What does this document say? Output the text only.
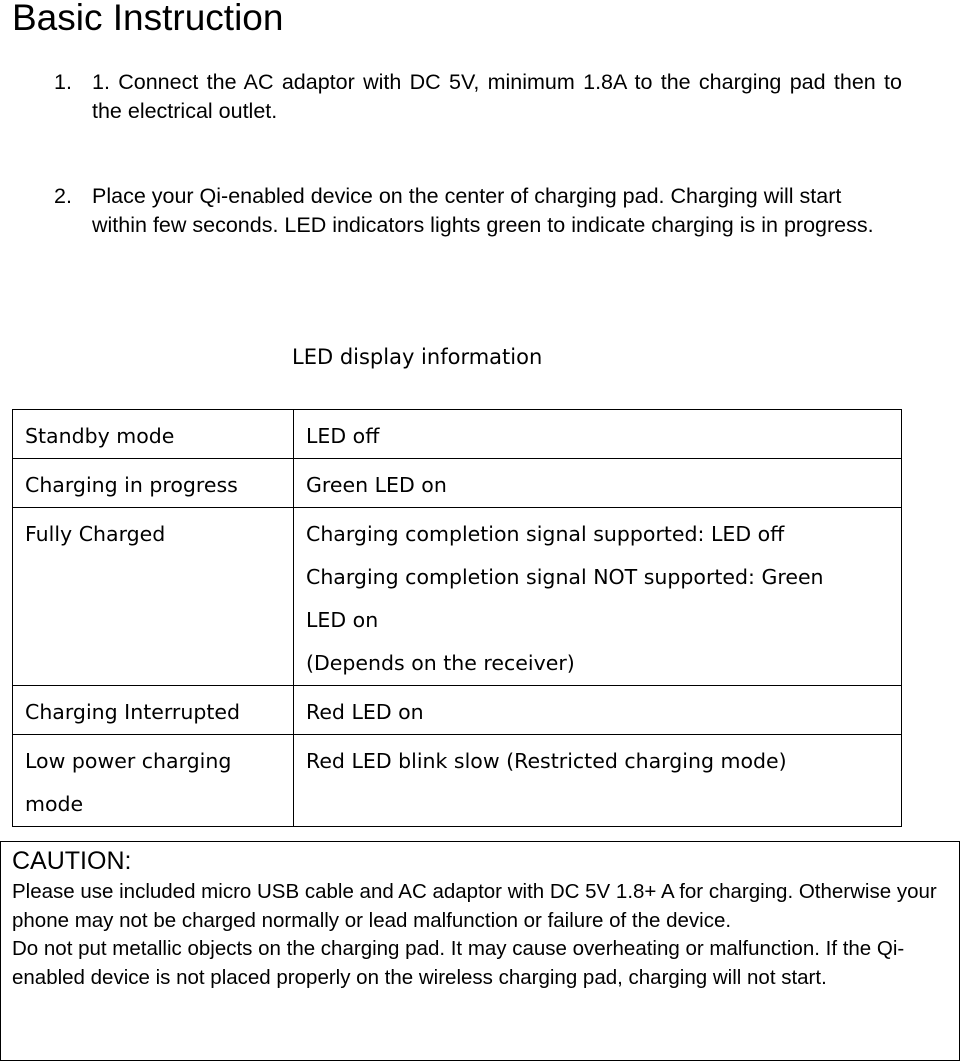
Basic Instruction
1. 1. Connect the AC adaptor with DC 5V, minimum 1.8A to the charging pad then to the electrical outlet.
2. Place your Qi-enabled device on the center of charging pad. Charging will start within few seconds. LED indicators lights green to indicate charging is in progress.
LED display information
Standby mode	LED off

Charging in progress	Green LED on

Fully Charged	Charging completion signal supported: LED off
Charging completion signal NOT supported: Green
LED on
(Depends on the receiver)

Charging Interrupted	Red LED on

Low power charging
mode	Red LED blink slow (Restricted charging mode)
CAUTION:

Please use included micro USB cable and AC adaptor with DC 5V 1.8+ A for charging. Otherwise your phone may not be charged normally or lead malfunction or failure of the device.

Do not put metallic objects on the charging pad. It may cause overheating or malfunction. If the Qi-enabled device is not placed properly on the wireless charging pad, charging will not start.
